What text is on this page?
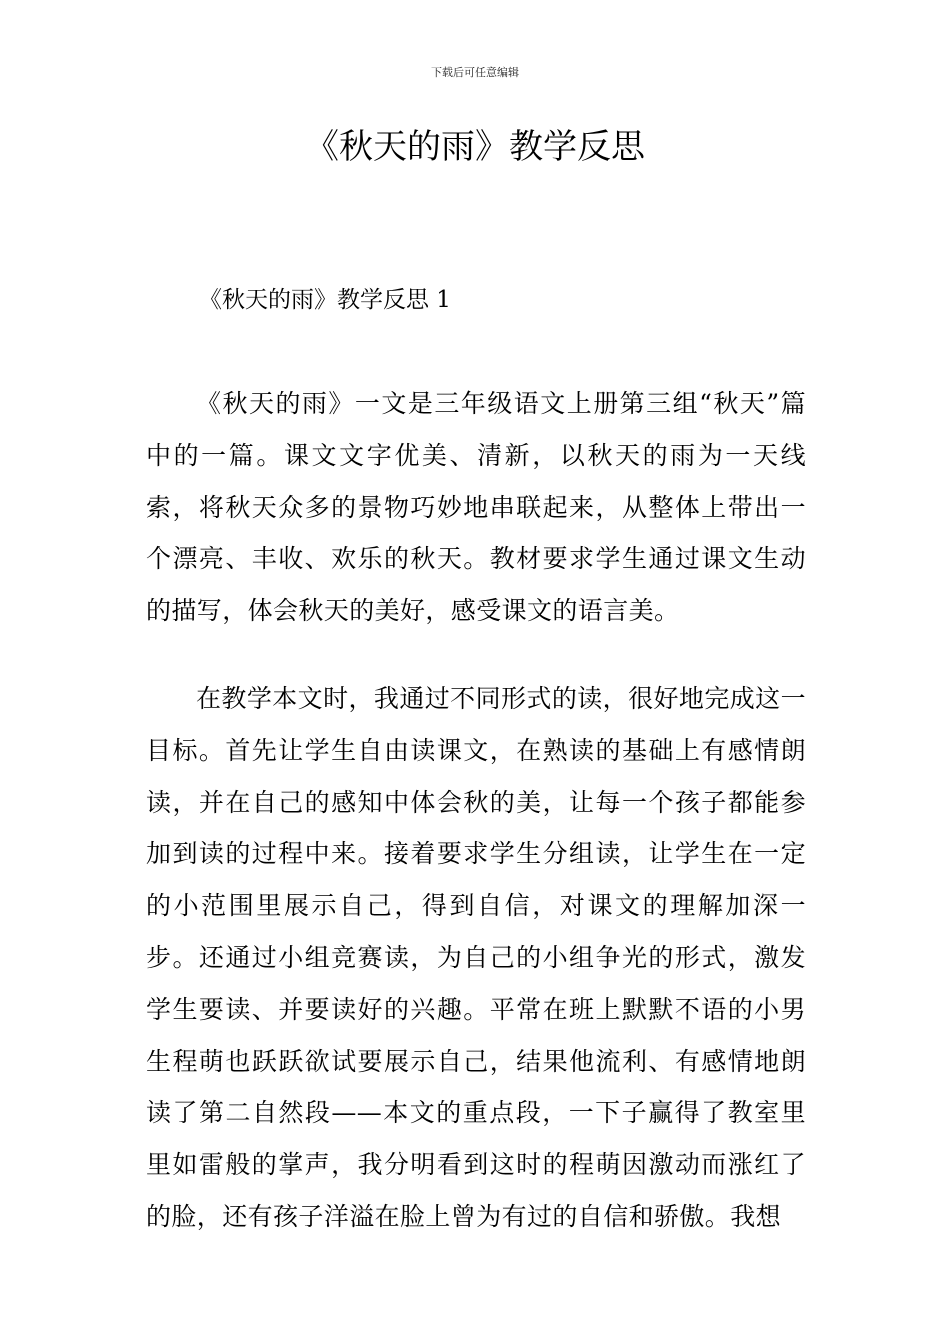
下载后可任意编辑
《秋天的雨》教学反思
《秋天的雨》教学反思 1

《秋天的雨》一文是三年级语文上册第三组“秋天”篇中的一篇。课文文字优美、清新，以秋天的雨为一天线索，将秋天众多的景物巧妙地串联起来，从整体上带出一个漂亮、丰收、欢乐的秋天。教材要求学生通过课文生动的描写，体会秋天的美好，感受课文的语言美。

在教学本文时，我通过不同形式的读，很好地完成这一目标。首先让学生自由读课文，在熟读的基础上有感情朗读，并在自己的感知中体会秋的美，让每一个孩子都能参加到读的过程中来。接着要求学生分组读，让学生在一定的小范围里展示自己，得到自信，对课文的理解加深一步。还通过小组竞赛读，为自己的小组争光的形式，激发学生要读、并要读好的兴趣。平常在班上默默不语的小男生程萌也跃跃欲试要展示自己，结果他流利、有感情地朗读了第二自然段——本文的重点段，一下子赢得了教室里里如雷般的掌声，我分明看到这时的程萌因激动而涨红了的脸，还有孩子洋溢在脸上曾为有过的自信和骄傲。我想
